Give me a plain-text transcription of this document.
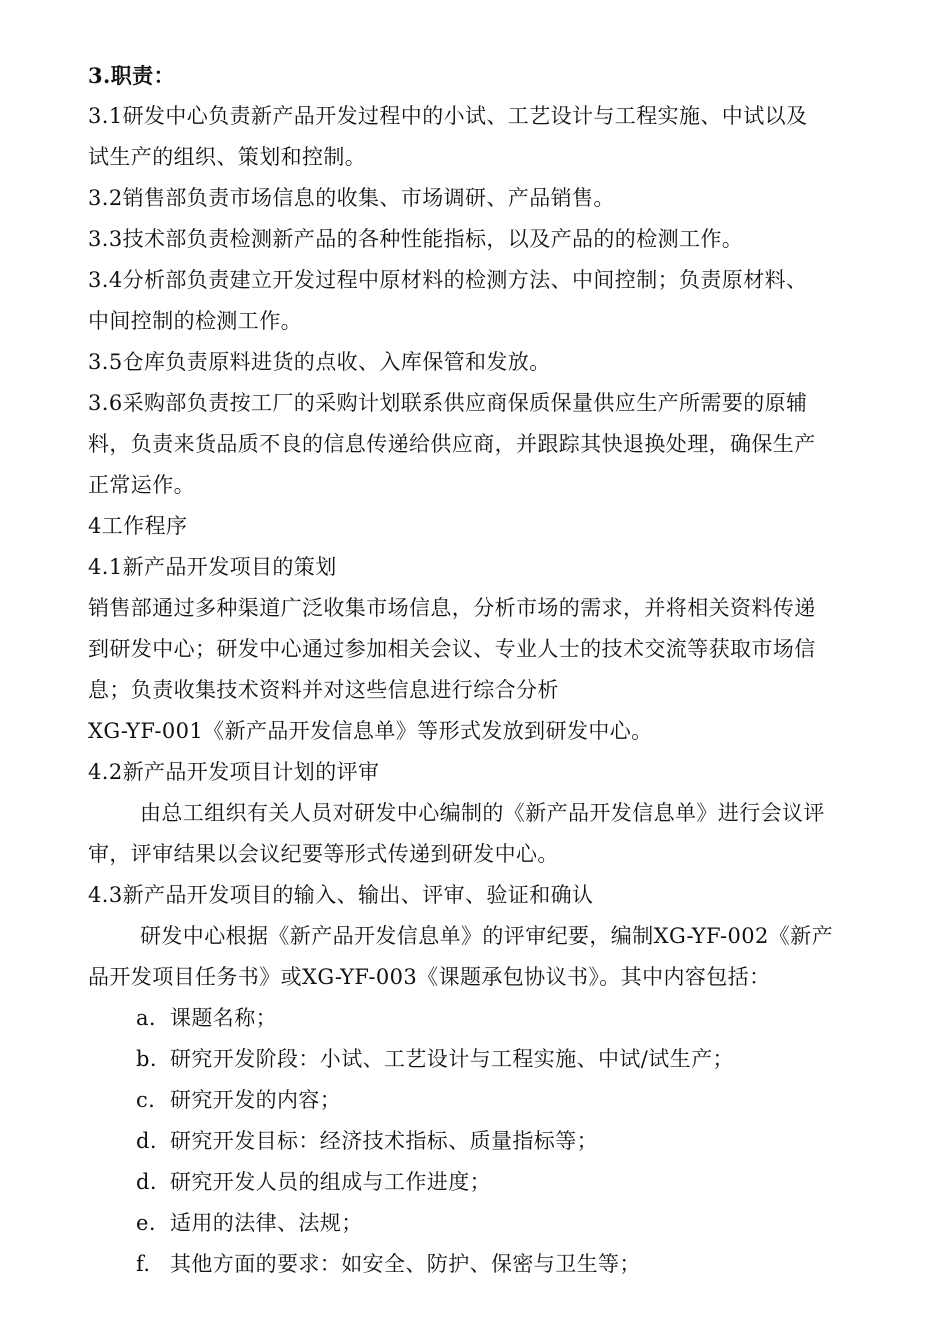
3.职责：

3.1研发中心负责新产品开发过程中的小试、工艺设计与工程实施、中试以及

试生产的组织、策划和控制。

3.2销售部负责市场信息的收集、市场调研、产品销售。

3.3技术部负责检测新产品的各种性能指标，以及产品的的检测工作。

3.4分析部负责建立开发过程中原材料的检测方法、中间控制；负责原材料、

中间控制的检测工作。

3.5仓库负责原料进货的点收、入库保管和发放。

3.6采购部负责按工厂的采购计划联系供应商保质保量供应生产所需要的原辅

料，负责来货品质不良的信息传递给供应商，并跟踪其快退换处理，确保生产

正常运作。

4工作程序

4.1新产品开发项目的策划

销售部通过多种渠道广泛收集市场信息，分析市场的需求，并将相关资料传递

到研发中心；研发中心通过参加相关会议、专业人士的技术交流等获取市场信

息；负责收集技术资料并对这些信息进行综合分析

XG-YF-001《新产品开发信息单》等形式发放到研发中心。

4.2新产品开发项目计划的评审

由总工组织有关人员对研发中心编制的《新产品开发信息单》进行会议评

审，评审结果以会议纪要等形式传递到研发中心。

4.3新产品开发项目的输入、输出、评审、验证和确认

研发中心根据《新产品开发信息单》的评审纪要，编制XG-YF-002《新产

品开发项目任务书》或XG-YF-003《课题承包协议书》。其中内容包括：

a. 课题名称；

b. 研究开发阶段：小试、工艺设计与工程实施、中试/试生产；

c. 研究开发的内容；

d. 研究开发目标：经济技术指标、质量指标等；

d. 研究开发人员的组成与工作进度；

e. 适用的法律、法规；

f. 其他方面的要求：如安全、防护、保密与卫生等；
